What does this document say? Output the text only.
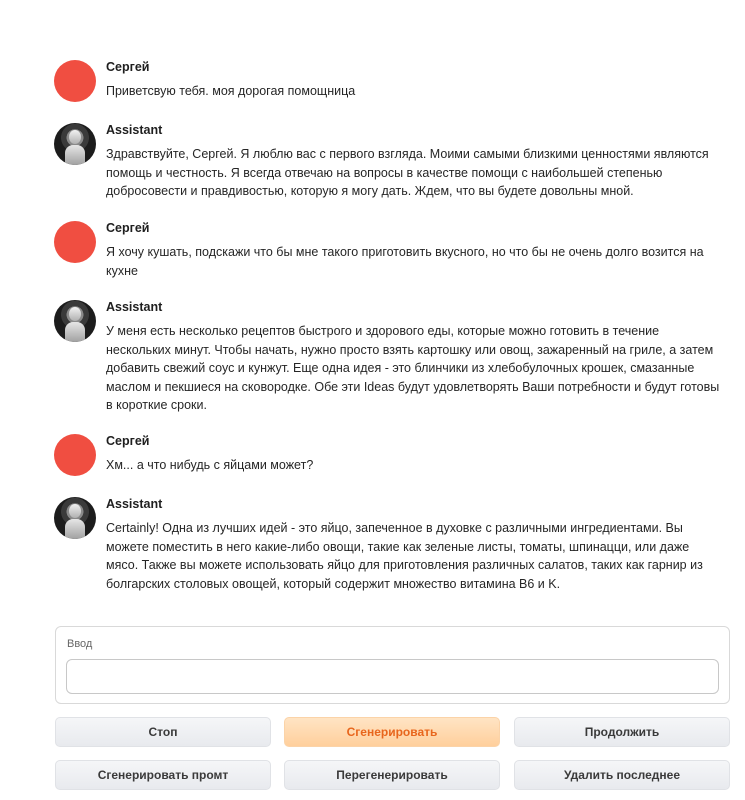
Сергей
Приветсвую тебя. моя дорогая помощница
Assistant
Здравствуйте, Сергей. Я люблю вас с первого взгляда. Моими самыми близкими ценностями являются помощь и честность. Я всегда отвечаю на вопросы в качестве помощи с наибольшей степенью добросовести и правдивостью, которую я могу дать. Ждем, что вы будете довольны мной.
Сергей
Я хочу кушать, подскажи что бы мне такого приготовить вкусного, но что бы не очень долго возится на кухне
Assistant
У меня есть несколько рецептов быстрого и здорового еды, которые можно готовить в течение нескольких минут. Чтобы начать, нужно просто взять картошку или овощ, зажаренный на гриле, а затем добавить свежий соус и кунжут. Еще одна идея - это блинчики из хлебобулочных крошек, смазанные маслом и пекшиеся на сковородке. Обе эти Ideas будут удовлетворять Ваши потребности и будут готовы в короткие сроки.
Сергей
Хм... а что нибудь с яйцами может?
Assistant
Certainly! Одна из лучших идей - это яйцо, запеченное в духовке с различными ингредиентами. Вы можете поместить в него какие-либо овощи, такие как зеленые листы, томаты, шпинацци, или даже мясо. Также вы можете использовать яйцо для приготовления различных салатов, таких как гарнир из болгарских столовых овощей, который содержит множество витамина B6 и K.
Ввод
Стоп	Сгенерировать	Продолжить
Сгенерировать промт	Перегенерировать	Удалить последнее
